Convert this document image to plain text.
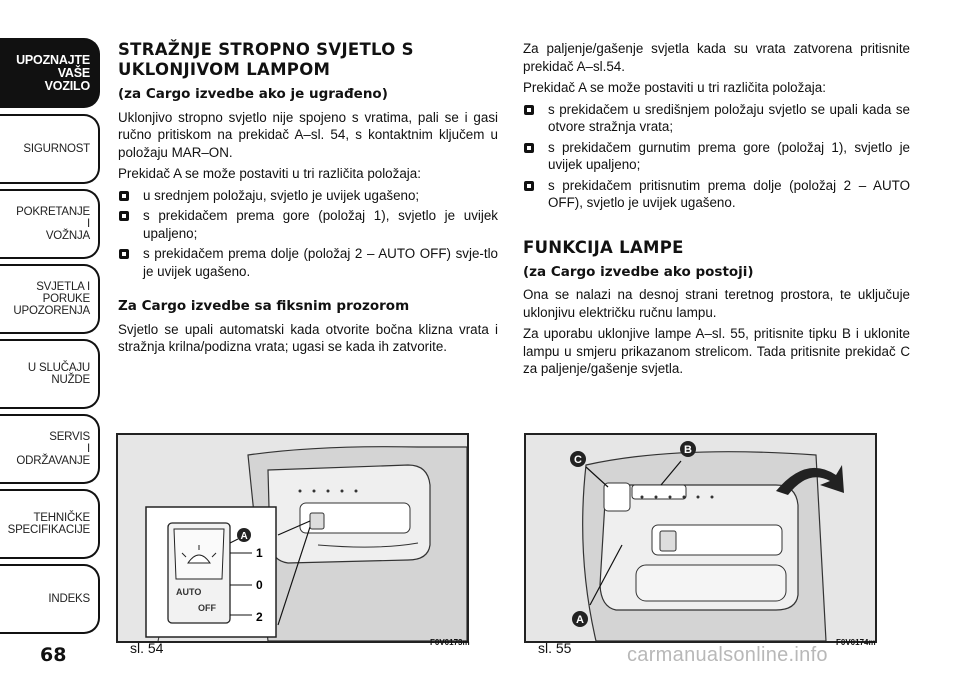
UPOZNAJTE
VAŠE
VOZILO
SIGURNOST
POKRETANJE
I
VOŽNJA
SVJETLA I
PORUKE
UPOZORENJA
U SLUČAJU
NUŽDE
SERVIS
I
ODRŽAVANJE
TEHNIČKE
SPECIFIKACIJE
INDEKS
68
STRAŽNJE STROPNO SVJETLO S UKLONJIVOM LAMPOM
(za Cargo izvedbe ako je ugrađeno)

Uklonjivo stropno svjetlo nije spojeno s vratima, pali se i gasi ručno pritiskom na prekidač A–sl. 54, s kontaktnim ključem u položaju MAR–ON.

Prekidač A se može postaviti u tri različita položaja:

u srednjem položaju, svjetlo je uvijek ugašeno;
s prekidačem prema gore (položaj 1), svjetlo je uvijek upaljeno;
s prekidačem prema dolje (položaj 2 – AUTO OFF) svje-tlo je uvijek ugašeno.
Za Cargo izvedbe sa fiksnim prozorom

Svjetlo se upali automatski kada otvorite bočna klizna vrata i stražnja krilna/podizna vrata; ugasi se kada ih zatvorite.

Za paljenje/gašenje svjetla kada su vrata zatvorena pritisnite prekidač A–sl.54.

Prekidač A se može postaviti u tri različita položaja:

s prekidačem u središnjem položaju svjetlo se upali kada se otvore stražnja vrata;
s prekidačem gurnutim prema gore (položaj 1), svjetlo je uvijek upaljeno;
s prekidačem pritisnutim prema dolje (položaj 2 – AUTO OFF), svjetlo je uvijek ugašeno.
FUNKCIJA LAMPE
(za Cargo izvedbe ako postoji)

Ona se nalazi na desnoj strani teretnog prostora, te uključuje uklonjivu električku ručnu lampu.

Za uporabu uklonjive lampe A–sl. 55, pritisnite tipku B i uklonite lampu u smjeru prikazanom strelicom. Tada pritisnite prekidač C za paljenje/gašenje svjetla.

AUTO
OFF
A
1
0
2
sl. 54	F0V0173m
A
B
C
sl. 55	F0V0174m
carmanualsonline.info
